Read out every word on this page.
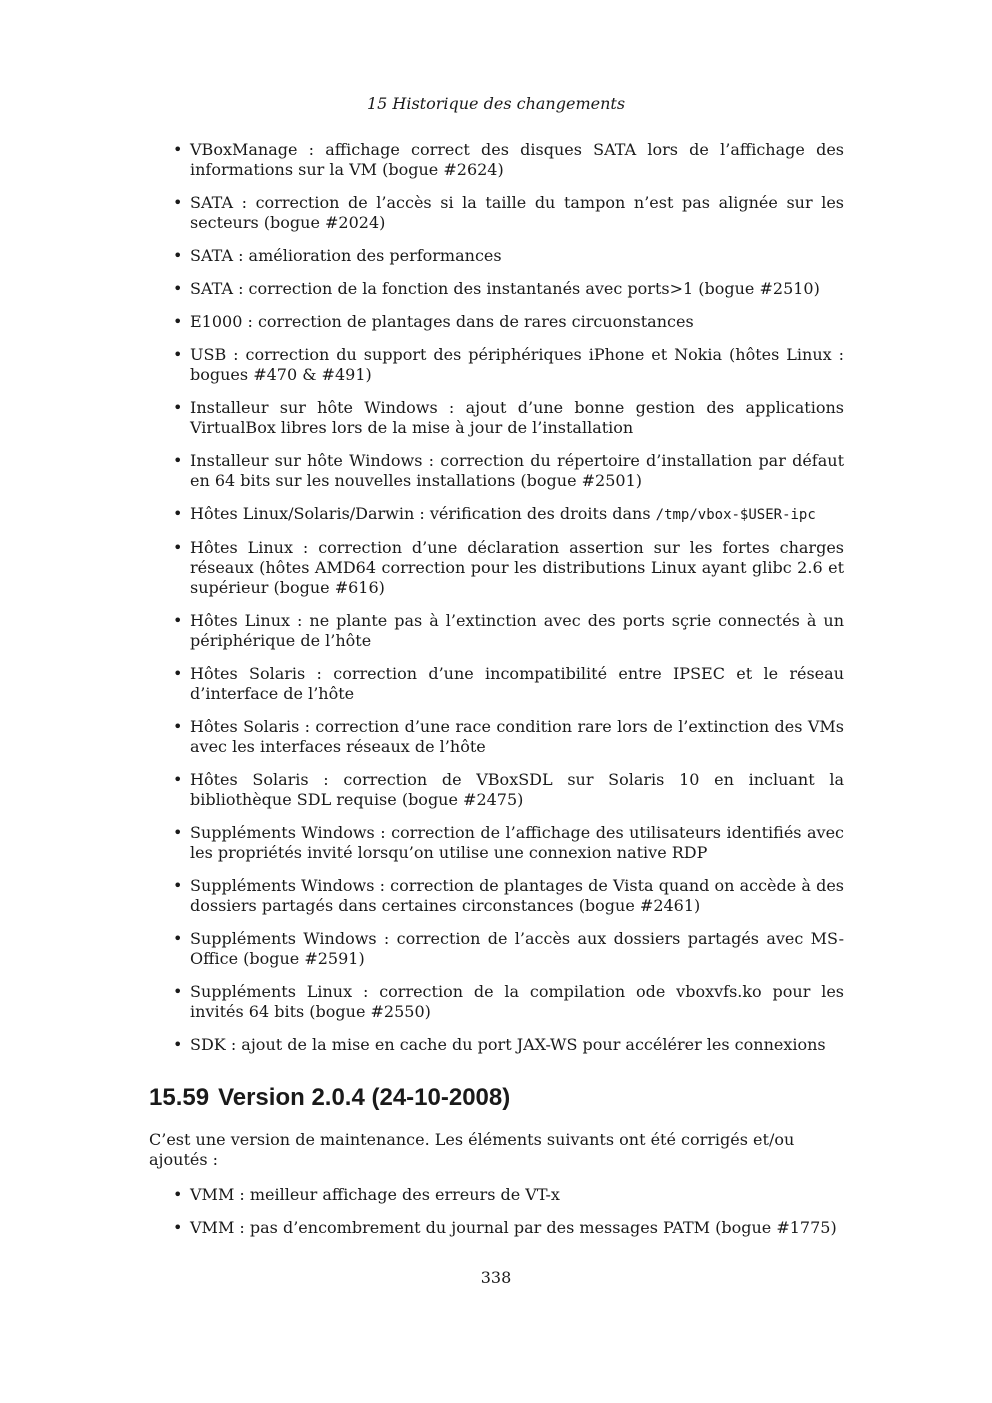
15 Historique des changements
• VBoxManage : affichage correct des disques SATA lors de l’affichage des informations sur la VM (bogue #2624)
• SATA : correction de l’accès si la taille du tampon n’est pas alignée sur les secteurs (bogue #2024)
• SATA : amélioration des performances
• SATA : correction de la fonction des instantanés avec ports>1 (bogue #2510)
• E1000 : correction de plantages dans de rares circuonstances
• USB : correction du support des périphériques iPhone et Nokia (hôtes Linux : bogues #470 & #491)
• Installeur sur hôte Windows : ajout d’une bonne gestion des applications VirtualBox libres lors de la mise à jour de l’installation
• Installeur sur hôte Windows : correction du répertoire d’installation par défaut en 64 bits sur les nouvelles installations (bogue #2501)
• Hôtes Linux/Solaris/Darwin : vérification des droits dans /tmp/vbox-$USER-ipc
• Hôtes Linux : correction d’une déclaration assertion sur les fortes charges réseaux (hôtes AMD64 correction pour les distributions Linux ayant glibc 2.6 et supérieur (bogue #616)
• Hôtes Linux : ne plante pas à l’extinction avec des ports sçrie connectés à un périphérique de l’hôte
• Hôtes Solaris : correction d’une incompatibilité entre IPSEC et le réseau d’interface de l’hôte
• Hôtes Solaris : correction d’une race condition rare lors de l’extinction des VMs avec les interfaces réseaux de l’hôte
• Hôtes Solaris : correction de VBoxSDL sur Solaris 10 en incluant la bibliothèque SDL requise (bogue #2475)
• Suppléments Windows : correction de l’affichage des utilisateurs identifiés avec les propriétés invité lorsqu’on utilise une connexion native RDP
• Suppléments Windows : correction de plantages de Vista quand on accède à des dossiers partagés dans certaines circonstances (bogue #2461)
• Suppléments Windows : correction de l’accès aux dossiers partagés avec MS-Office (bogue #2591)
• Suppléments Linux : correction de la compilation ode vboxvfs.ko pour les invités 64 bits (bogue #2550)
• SDK : ajout de la mise en cache du port JAX-WS pour accélérer les connexions
15.59 Version 2.0.4 (24-10-2008)

C’est une version de maintenance. Les éléments suivants ont été corrigés et/ou ajoutés :

• VMM : meilleur affichage des erreurs de VT-x
• VMM : pas d’encombrement du journal par des messages PATM (bogue #1775)
338
